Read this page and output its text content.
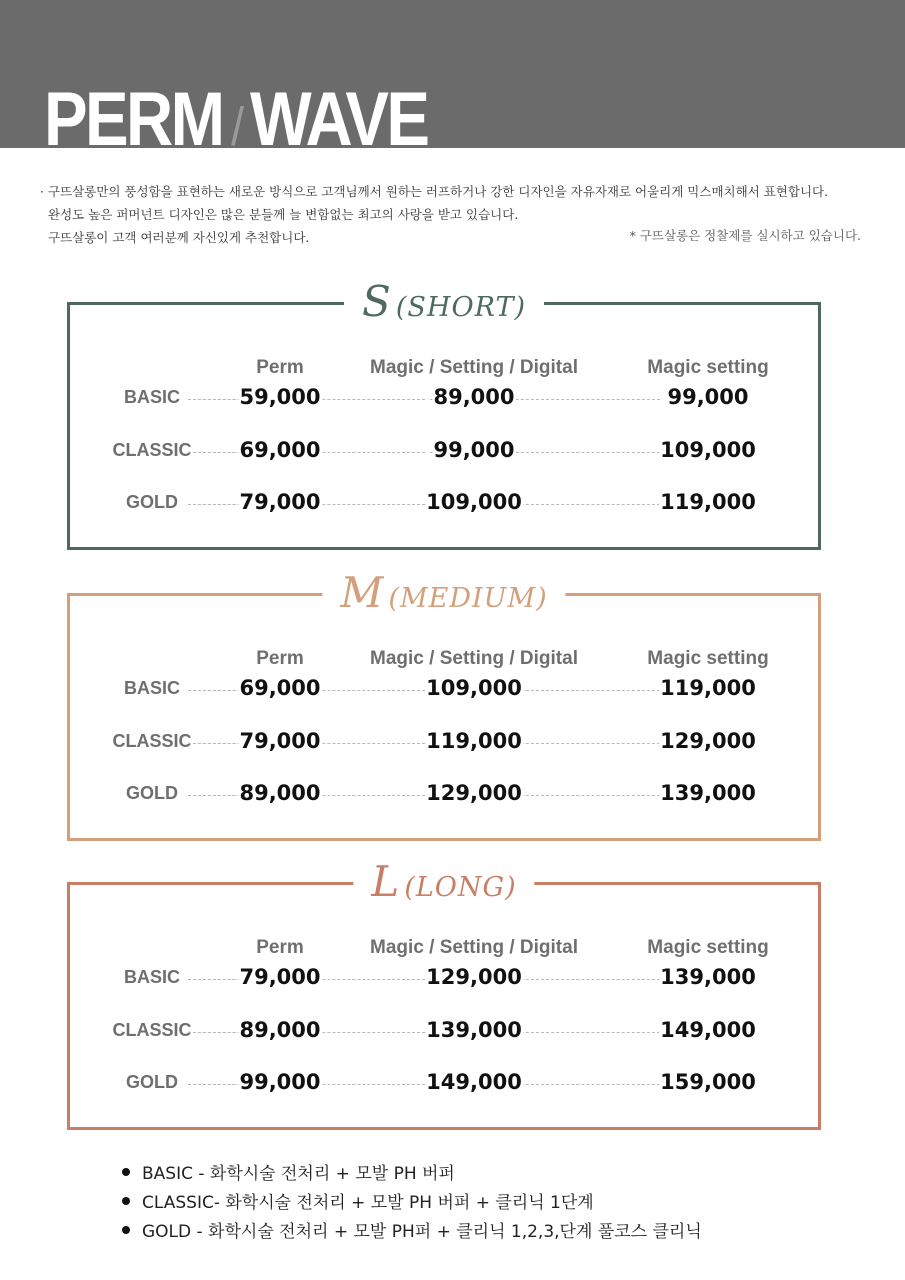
PERM / WAVE
· 구뜨살롱만의 풍성함을 표현하는 새로운 방식으로 고객님께서 원하는 러프하거나 강한 디자인을 자유자재로 어울리게 믹스매치해서 표현합니다.
완성도 높은 퍼머넌트 디자인은 많은 분들께 늘 변함없는 최고의 사랑을 받고 있습니다.
구뜨살롱이 고객 여러분께 자신있게 추천합니다.	* 구뜨살롱은 정찰제를 실시하고 있습니다.
S (SHORT)
Perm	Magic / Setting / Digital	Magic setting
BASIC	59,000	89,000	99,000
CLASSIC 69,000	99,000	109,000
GOLD	79,000	109,000	119,000
M (MEDIUM)
Perm	Magic / Setting / Digital	Magic setting
BASIC	69,000	109,000	119,000
CLASSIC 79,000	119,000	129,000
GOLD	89,000	129,000	139,000
L (LONG)
Perm	Magic / Setting / Digital	Magic setting
BASIC	79,000	129,000	139,000
CLASSIC 89,000	139,000	149,000
GOLD	99,000	149,000	159,000
BASIC - 화학시술 전처리 + 모발 PH 버퍼
CLASSIC- 화학시술 전처리 + 모발 PH 버퍼 + 클리닉 1단계
GOLD - 화학시술 전처리 + 모발 PH퍼 + 클리닉 1,2,3,단계 풀코스 클리닉
